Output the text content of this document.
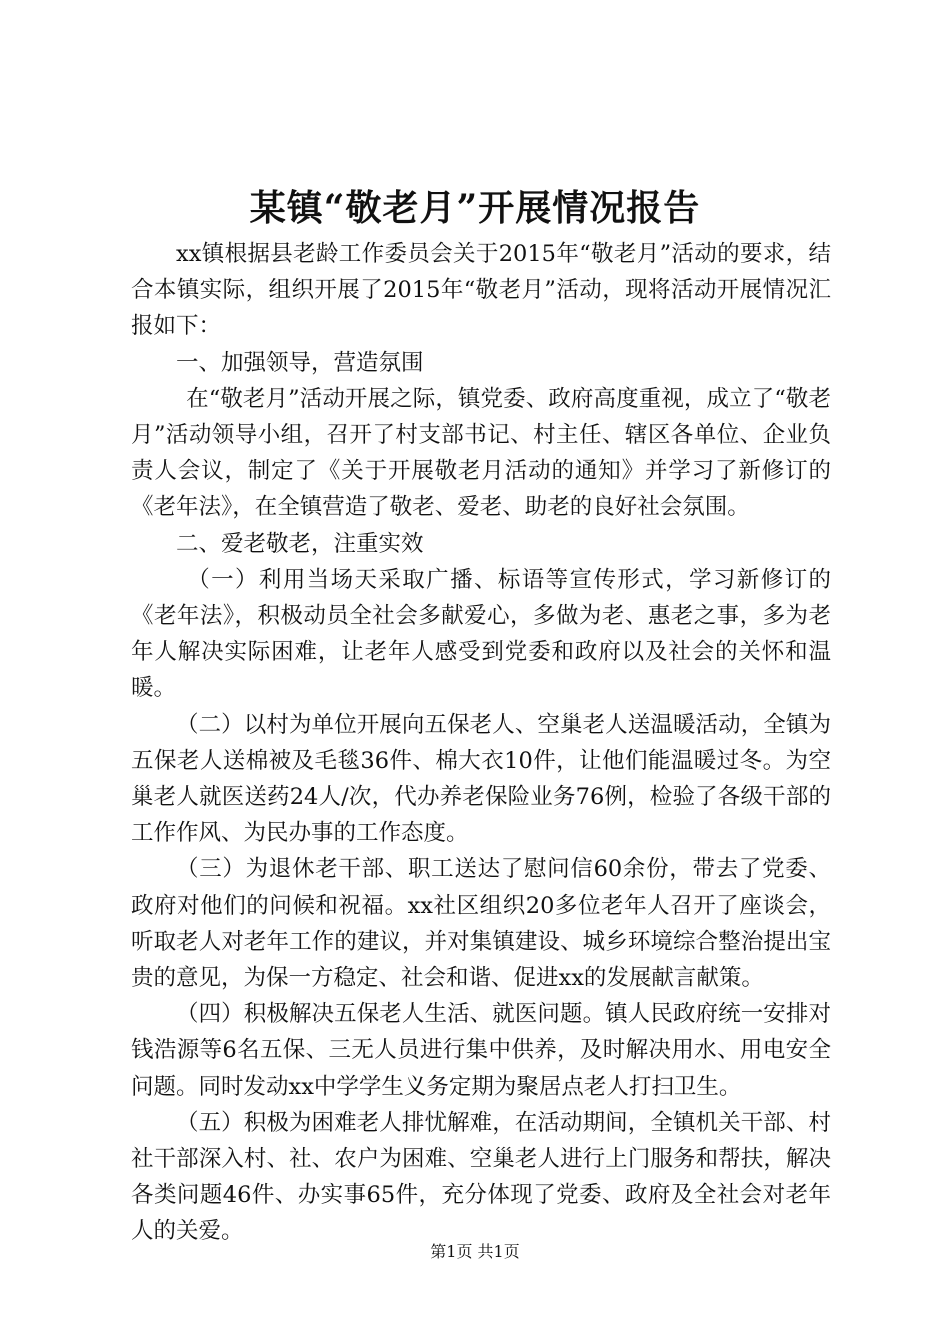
某镇“敬老月”开展情况报告

xx镇根据县老龄工作委员会关于2015年“敬老月”活动的要求，结合本镇实际，组织开展了2015年“敬老月”活动，现将活动开展情况汇报如下：

一、加强领导，营造氛围

在“敬老月”活动开展之际，镇党委、政府高度重视，成立了“敬老月”活动领导小组，召开了村支部书记、村主任、辖区各单位、企业负责人会议，制定了《关于开展敬老月活动的通知》并学习了新修订的《老年法》，在全镇营造了敬老、爱老、助老的良好社会氛围。

二、爱老敬老，注重实效

（一）利用当场天采取广播、标语等宣传形式，学习新修订的《老年法》，积极动员全社会多献爱心，多做为老、惠老之事，多为老年人解决实际困难，让老年人感受到党委和政府以及社会的关怀和温暖。

（二）以村为单位开展向五保老人、空巢老人送温暖活动，全镇为五保老人送棉被及毛毯36件、棉大衣10件，让他们能温暖过冬。为空巢老人就医送药24人/次，代办养老保险业务76例，检验了各级干部的工作作风、为民办事的工作态度。

（三）为退休老干部、职工送达了慰问信60余份，带去了党委、政府对他们的问候和祝福。xx社区组织20多位老年人召开了座谈会，听取老人对老年工作的建议，并对集镇建设、城乡环境综合整治提出宝贵的意见，为保一方稳定、社会和谐、促进xx的发展献言献策。

（四）积极解决五保老人生活、就医问题。镇人民政府统一安排对钱浩源等6名五保、三无人员进行集中供养，及时解决用水、用电安全问题。同时发动xx中学学生义务定期为聚居点老人打扫卫生。

（五）积极为困难老人排忧解难，在活动期间，全镇机关干部、村社干部深入村、社、农户为困难、空巢老人进行上门服务和帮扶，解决各类问题46件、办实事65件，充分体现了党委、政府及全社会对老年人的关爱。

第1页 共1页
